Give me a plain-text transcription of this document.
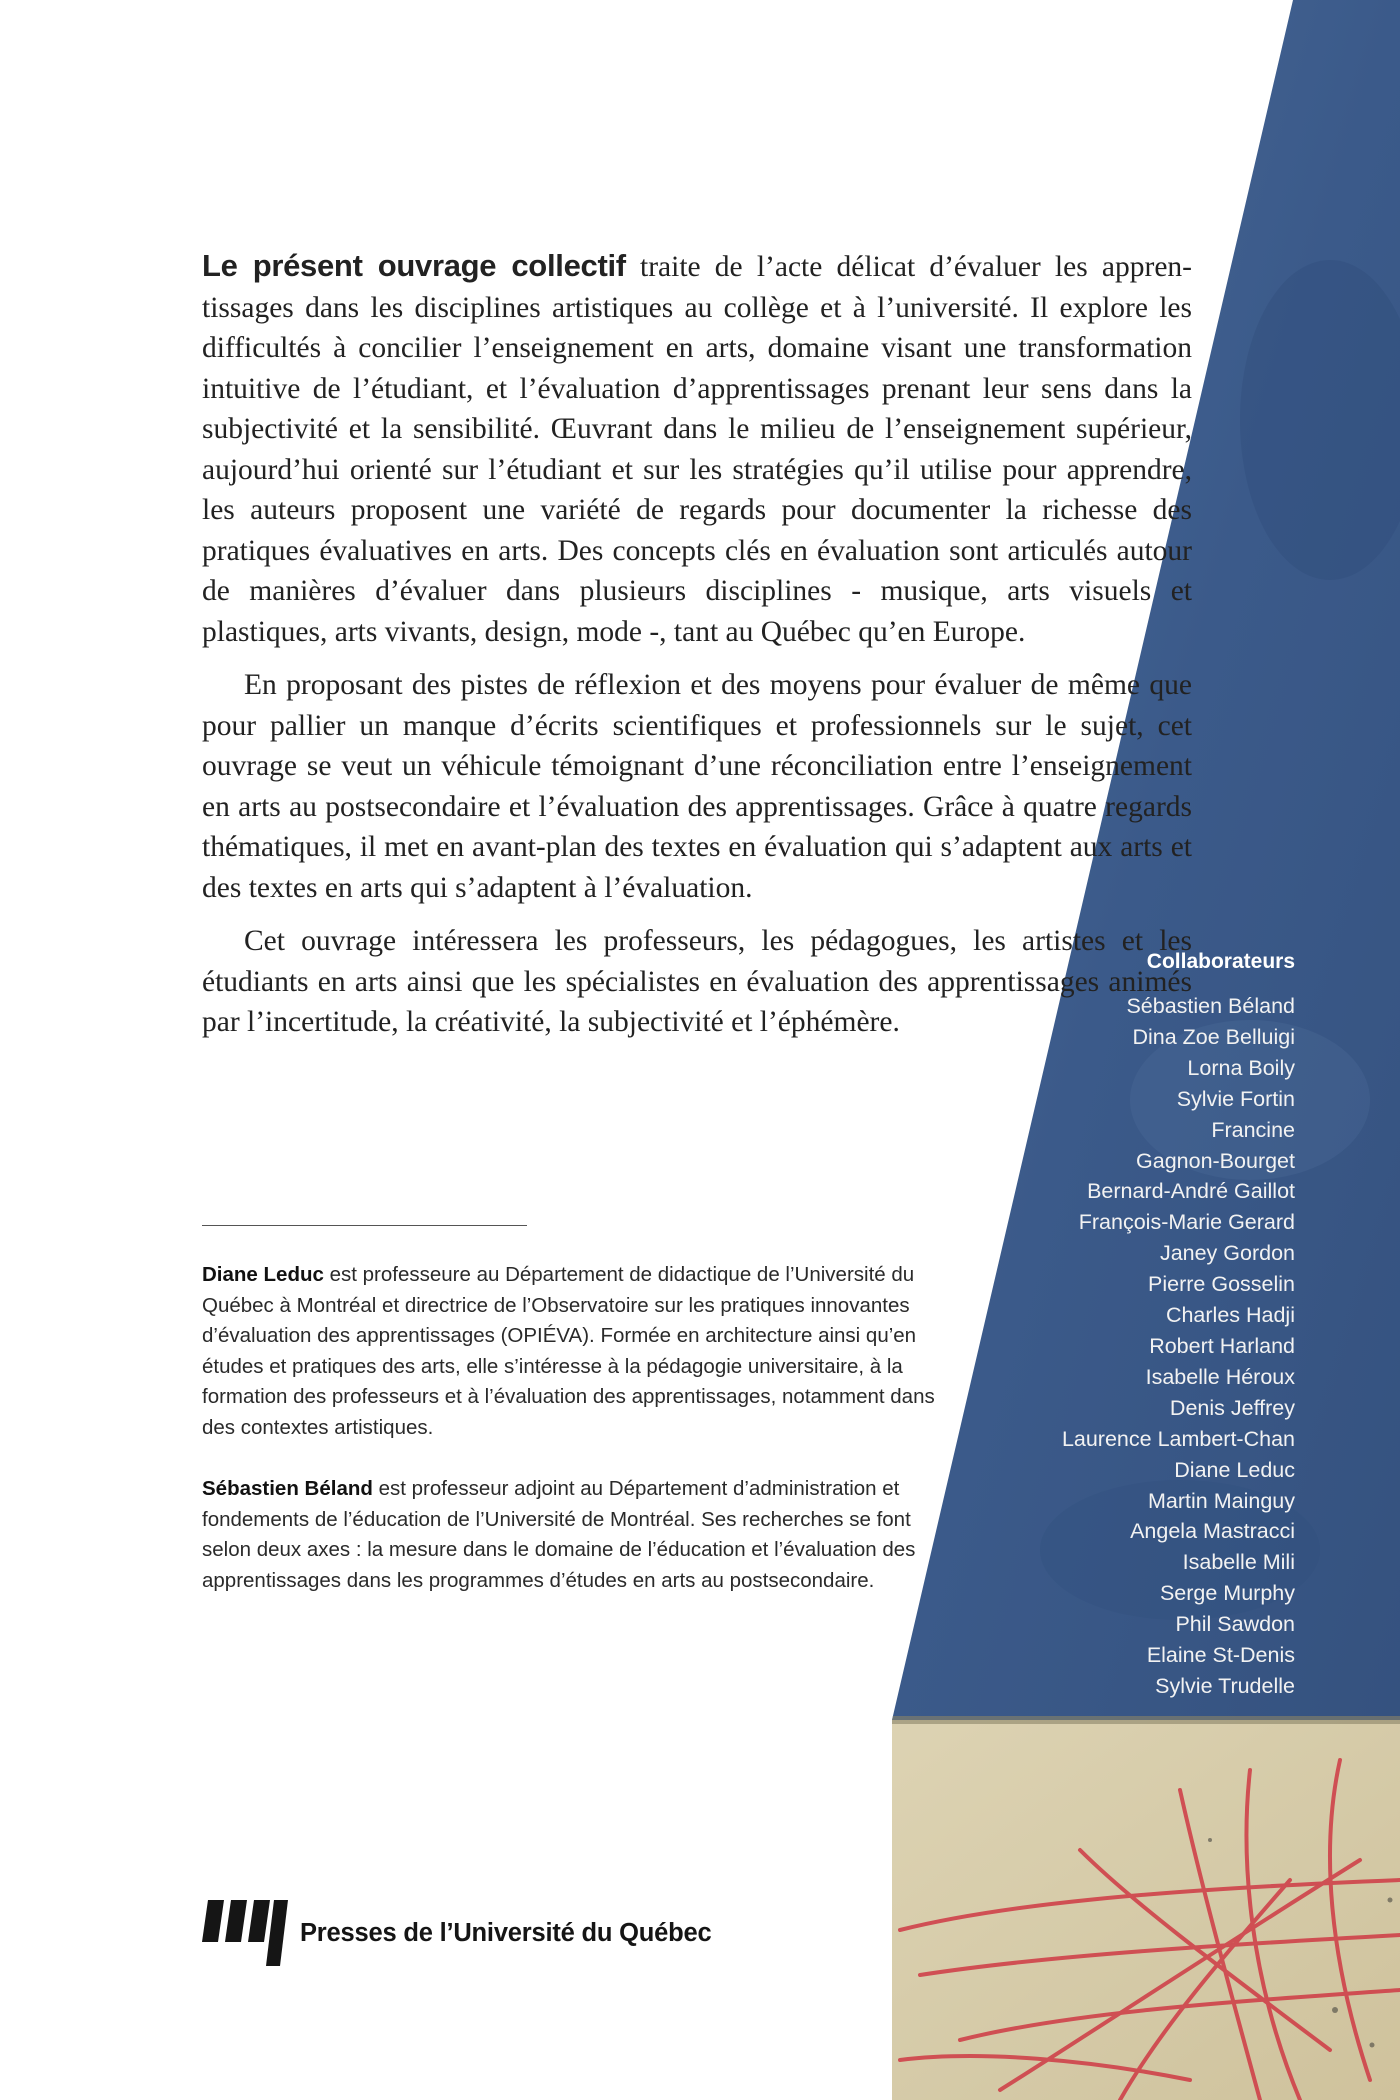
Le présent ouvrage collectif traite de l’acte délicat d’évaluer les apprentissages dans les disciplines artistiques au collège et à l’université. Il explore les difficultés à concilier l’enseignement en arts, domaine visant une transformation intuitive de l’étudiant, et l’évaluation d’apprentissages prenant leur sens dans la subjectivité et la sensibilité. Œuvrant dans le milieu de l’enseignement supérieur, aujourd’hui orienté sur l’étudiant et sur les stratégies qu’il utilise pour apprendre, les auteurs proposent une variété de regards pour documenter la richesse des pratiques évaluatives en arts. Des concepts clés en évaluation sont articulés autour de manières d’évaluer dans plusieurs disciplines - musique, arts visuels et plastiques, arts vivants, design, mode -, tant au Québec qu’en Europe.

En proposant des pistes de réflexion et des moyens pour évaluer de même que pour pallier un manque d’écrits scientifiques et professionnels sur le sujet, cet ouvrage se veut un véhicule témoignant d’une réconciliation entre l’enseignement en arts au postsecondaire et l’évaluation des apprentissages. Grâce à quatre regards thématiques, il met en avant-plan des textes en évaluation qui s’adaptent aux arts et des textes en arts qui s’adaptent à l’évaluation.

Cet ouvrage intéressera les professeurs, les pédagogues, les artistes et les étudiants en arts ainsi que les spécialistes en évaluation des apprentissages animés par l’incertitude, la créativité, la subjectivité et l’éphémère.

Diane Leduc est professeure au Département de didactique de l’Université du Québec à Montréal et directrice de l’Observatoire sur les pratiques innovantes d’évaluation des apprentissages (OPIÉVA). Formée en architecture ainsi qu’en études et pratiques des arts, elle s’intéresse à la pédagogie universitaire, à la formation des professeurs et à l’évaluation des apprentissages, notamment dans des contextes artistiques.
Sébastien Béland est professeur adjoint au Département d’administration et fondements de l’éducation de l’Université de Montréal. Ses recherches se font selon deux axes : la mesure dans le domaine de l’éducation et l’évaluation des apprentissages dans les programmes d’études en arts au postsecondaire.
Collaborateurs
Sébastien Béland
Dina Zoe Belluigi
Lorna Boily
Sylvie Fortin
Francine
Gagnon-Bourget
Bernard-André Gaillot
François-Marie Gerard
Janey Gordon
Pierre Gosselin
Charles Hadji
Robert Harland
Isabelle Héroux
Denis Jeffrey
Laurence Lambert-Chan
Diane Leduc
Martin Mainguy
Angela Mastracci
Isabelle Mili
Serge Murphy
Phil Sawdon
Elaine St-Denis
Sylvie Trudelle
Presses de l’Université du Québec
